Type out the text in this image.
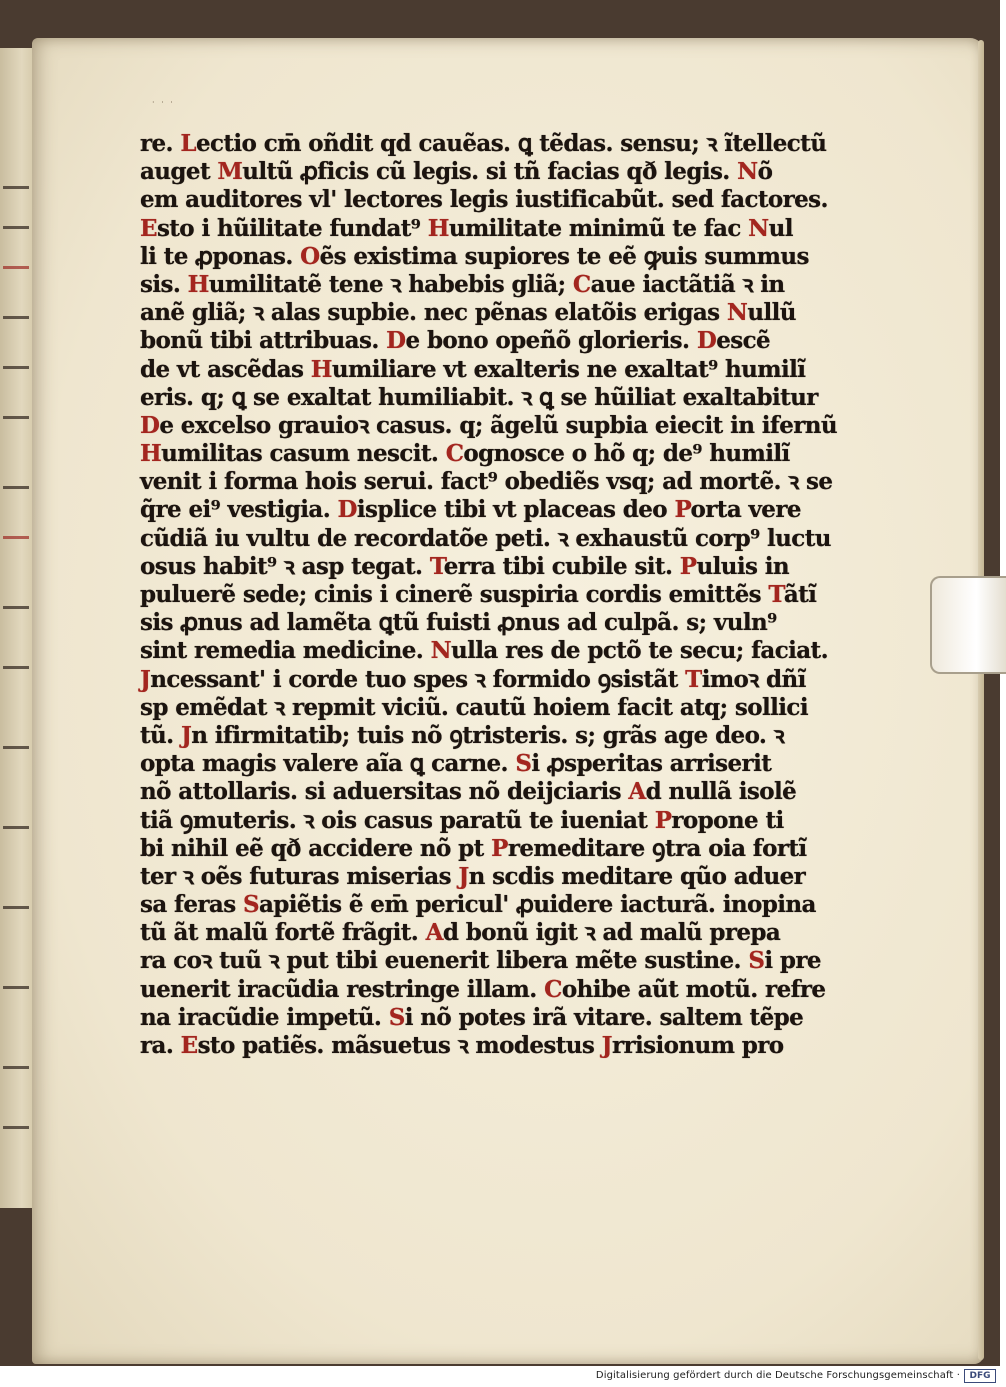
· · ·
re. Lectio cm̄ oñdit qd cauẽas. ꝗ tẽdas. sensu; ꝛ ĩtellectũ
auget Multũ ꝓficis cũ legis. si tñ facias qð legis. Nõ
em auditores vl' lectores legis iustificabũt. sed factores.
Esto i hũilitate fundat⁹ Humilitate minimũ te fac Nul
li te ꝓponas. Oẽs existima supiores te eẽ ꝙuis summus
sis. Humilitatẽ tene ꝛ habebis gliã; Caue iactãtiã ꝛ in
anẽ gliã; ꝛ alas supbie. nec pẽnas elatõis erigas Nullũ
bonũ tibi attribuas. De bono opeñõ glorieris. Descẽ
de vt ascẽdas Humiliare vt exalteris ne exaltat⁹ humilĩ
eris. q; ꝗ se exaltat humiliabit. ꝛ ꝗ se hũiliat exaltabitur
De excelso grauioꝛ casus. q; ãgelũ supbia eiecit in ifernũ
Humilitas casum nescit. Cognosce o hõ q; de⁹ humilĩ
venit i forma hois serui. fact⁹ obediẽs vsq; ad mortẽ. ꝛ se
q̃re ei⁹ vestigia. Displice tibi vt placeas deo Porta vere
cũdiã iu vultu de recordatõe peti. ꝛ exhaustũ corp⁹ luctu
osus habit⁹ ꝛ asp tegat. Terra tibi cubile sit. Puluis in
puluerẽ sede; cinis i cinerẽ suspiria cordis emittẽs Tãtĩ
sis ꝓnus ad lamẽta ꝗtũ fuisti ꝓnus ad culpã. s; vuln⁹
sint remedia medicine. Nulla res de pctõ te secu; faciat.
Jncessant' i corde tuo spes ꝛ formido ꝯsistãt Timoꝛ dñĩ
sp emẽdat ꝛ repmit viciũ. cautũ hoiem facit atq; sollici
tũ. Jn ifirmitatib; tuis nõ ꝯtristeris. s; grãs age deo. ꝛ
opta magis valere aĩa ꝗ carne. Si ꝓsperitas arriserit
nõ attollaris. si aduersitas nõ deĳciaris Ad nullã isolẽ
tiã ꝯmuteris. ꝛ ois casus paratũ te iueniat Propone ti
bi nihil eẽ qð accidere nõ pt Premeditare ꝯtra oia fortĩ
ter ꝛ oẽs futuras miserias Jn scdis meditare qũo aduer
sa feras Sapiẽtis ẽ em̄ pericul' ꝓuidere iacturã. inopina
tũ ãt malũ fortẽ frãgit. Ad bonũ igit ꝛ ad malũ prepa
ra coꝛ tuũ ꝛ put tibi euenerit libera mẽte sustine. Si pre
uenerit iracũdia restringe illam. Cohibe aũt motũ. refre
na iracũdie impetũ. Si nõ potes irã vitare. saltem tẽpe
ra. Esto patiẽs. mãsuetus ꝛ modestus Jrrisionum pro
Digitalisierung gefördert durch die Deutsche Forschungsgemeinschaft ·	DFG
